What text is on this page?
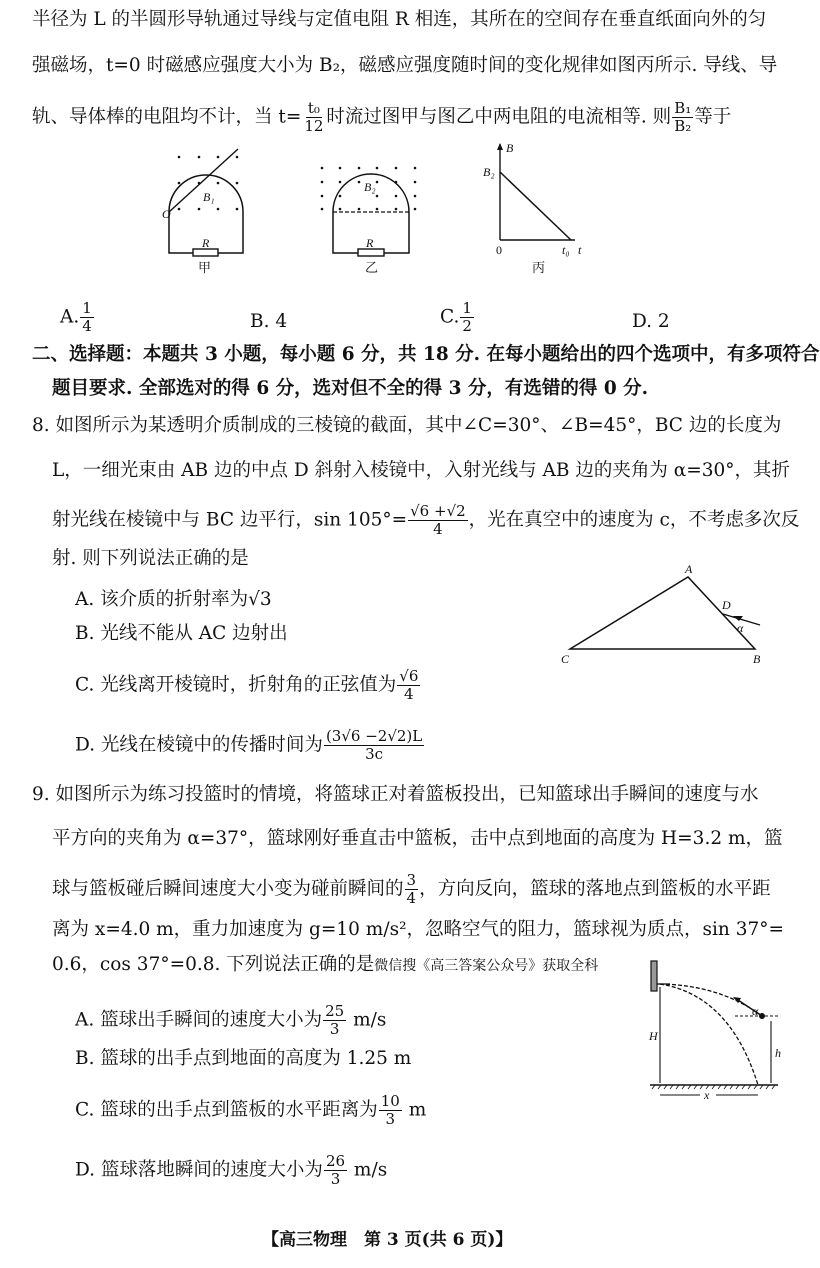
半径为 L 的半圆形导轨通过导线与定值电阻 R 相连，其所在的空间存在垂直纸面向外的匀
强磁场，t=0 时磁感应强度大小为 B₂，磁感应强度随时间的变化规律如图丙所示. 导线、导
轨、导体棒的电阻均不计，当 $t= \frac{\text{t₀}}{12}$ 时流过图甲与图乙中两电阻的电流相等. 则 $\frac{\text{B₁}}{\text{B₂}}$ 等于
O
B₁
R
甲
B₂
R
乙
B
B₂
0	t₀ t
丙
A. $\frac{1}{4}$	B. 4	C. $\frac{1}{2}$	D. 2
二、选择题：本题共 3 小题，每小题 6 分，共 18 分. 在每小题给出的四个选项中，有多项符合
题目要求. 全部选对的得 6 分，选对但不全的得 3 分，有选错的得 0 分.
8. 如图所示为某透明介质制成的三棱镜的截面，其中∠C=30°、∠B=45°，BC 边的长度为
L，一细光束由 AB 边的中点 D 斜射入棱镜中，入射光线与 AB 边的夹角为 α=30°，其折
射光线在棱镜中与 BC 边平行，$\sin 105^\circ= \frac{√6 +√2}{4}$ ，光在真空中的速度为 c，不考虑多次反
射. 则下列说法正确的是
A. 该介质的折射率为√3
B. 光线不能从 AC 边射出
C. 光线离开棱镜时，折射角的正弦值为 $\frac{√6}{4}$
D. 光线在棱镜中的传播时间为 $\frac{(3√6 -2√2)L}{3c}$
A
B
C
D
α
9. 如图所示为练习投篮时的情境，将篮球正对着篮板投出，已知篮球出手瞬间的速度与水
平方向的夹角为 α=37°，篮球刚好垂直击中篮板，击中点到地面的高度为 H=3.2 m，篮
球与篮板碰后瞬间速度大小变为碰前瞬间的 $\frac{3}{4}$ ，方向反向，篮球的落地点到篮板的水平距
离为 x=4.0 m，重力加速度为 g=10 m/s²，忽略空气的阻力，篮球视为质点，sin 37°=
0.6，cos 37°=0.8. 下列说法正确的是微信搜《高三答案公众号》获取全科
A. 篮球出手瞬间的速度大小为 $\frac{25}{3} m/s$
B. 篮球的出手点到地面的高度为 1.25 m
C. 篮球的出手点到篮板的水平距离为 $\frac{10}{3}$ m
D. 篮球落地瞬间的速度大小为 $\frac{26}{3} m/s$
H
h
α
x
【高三物理　第 3 页(共 6 页)】
